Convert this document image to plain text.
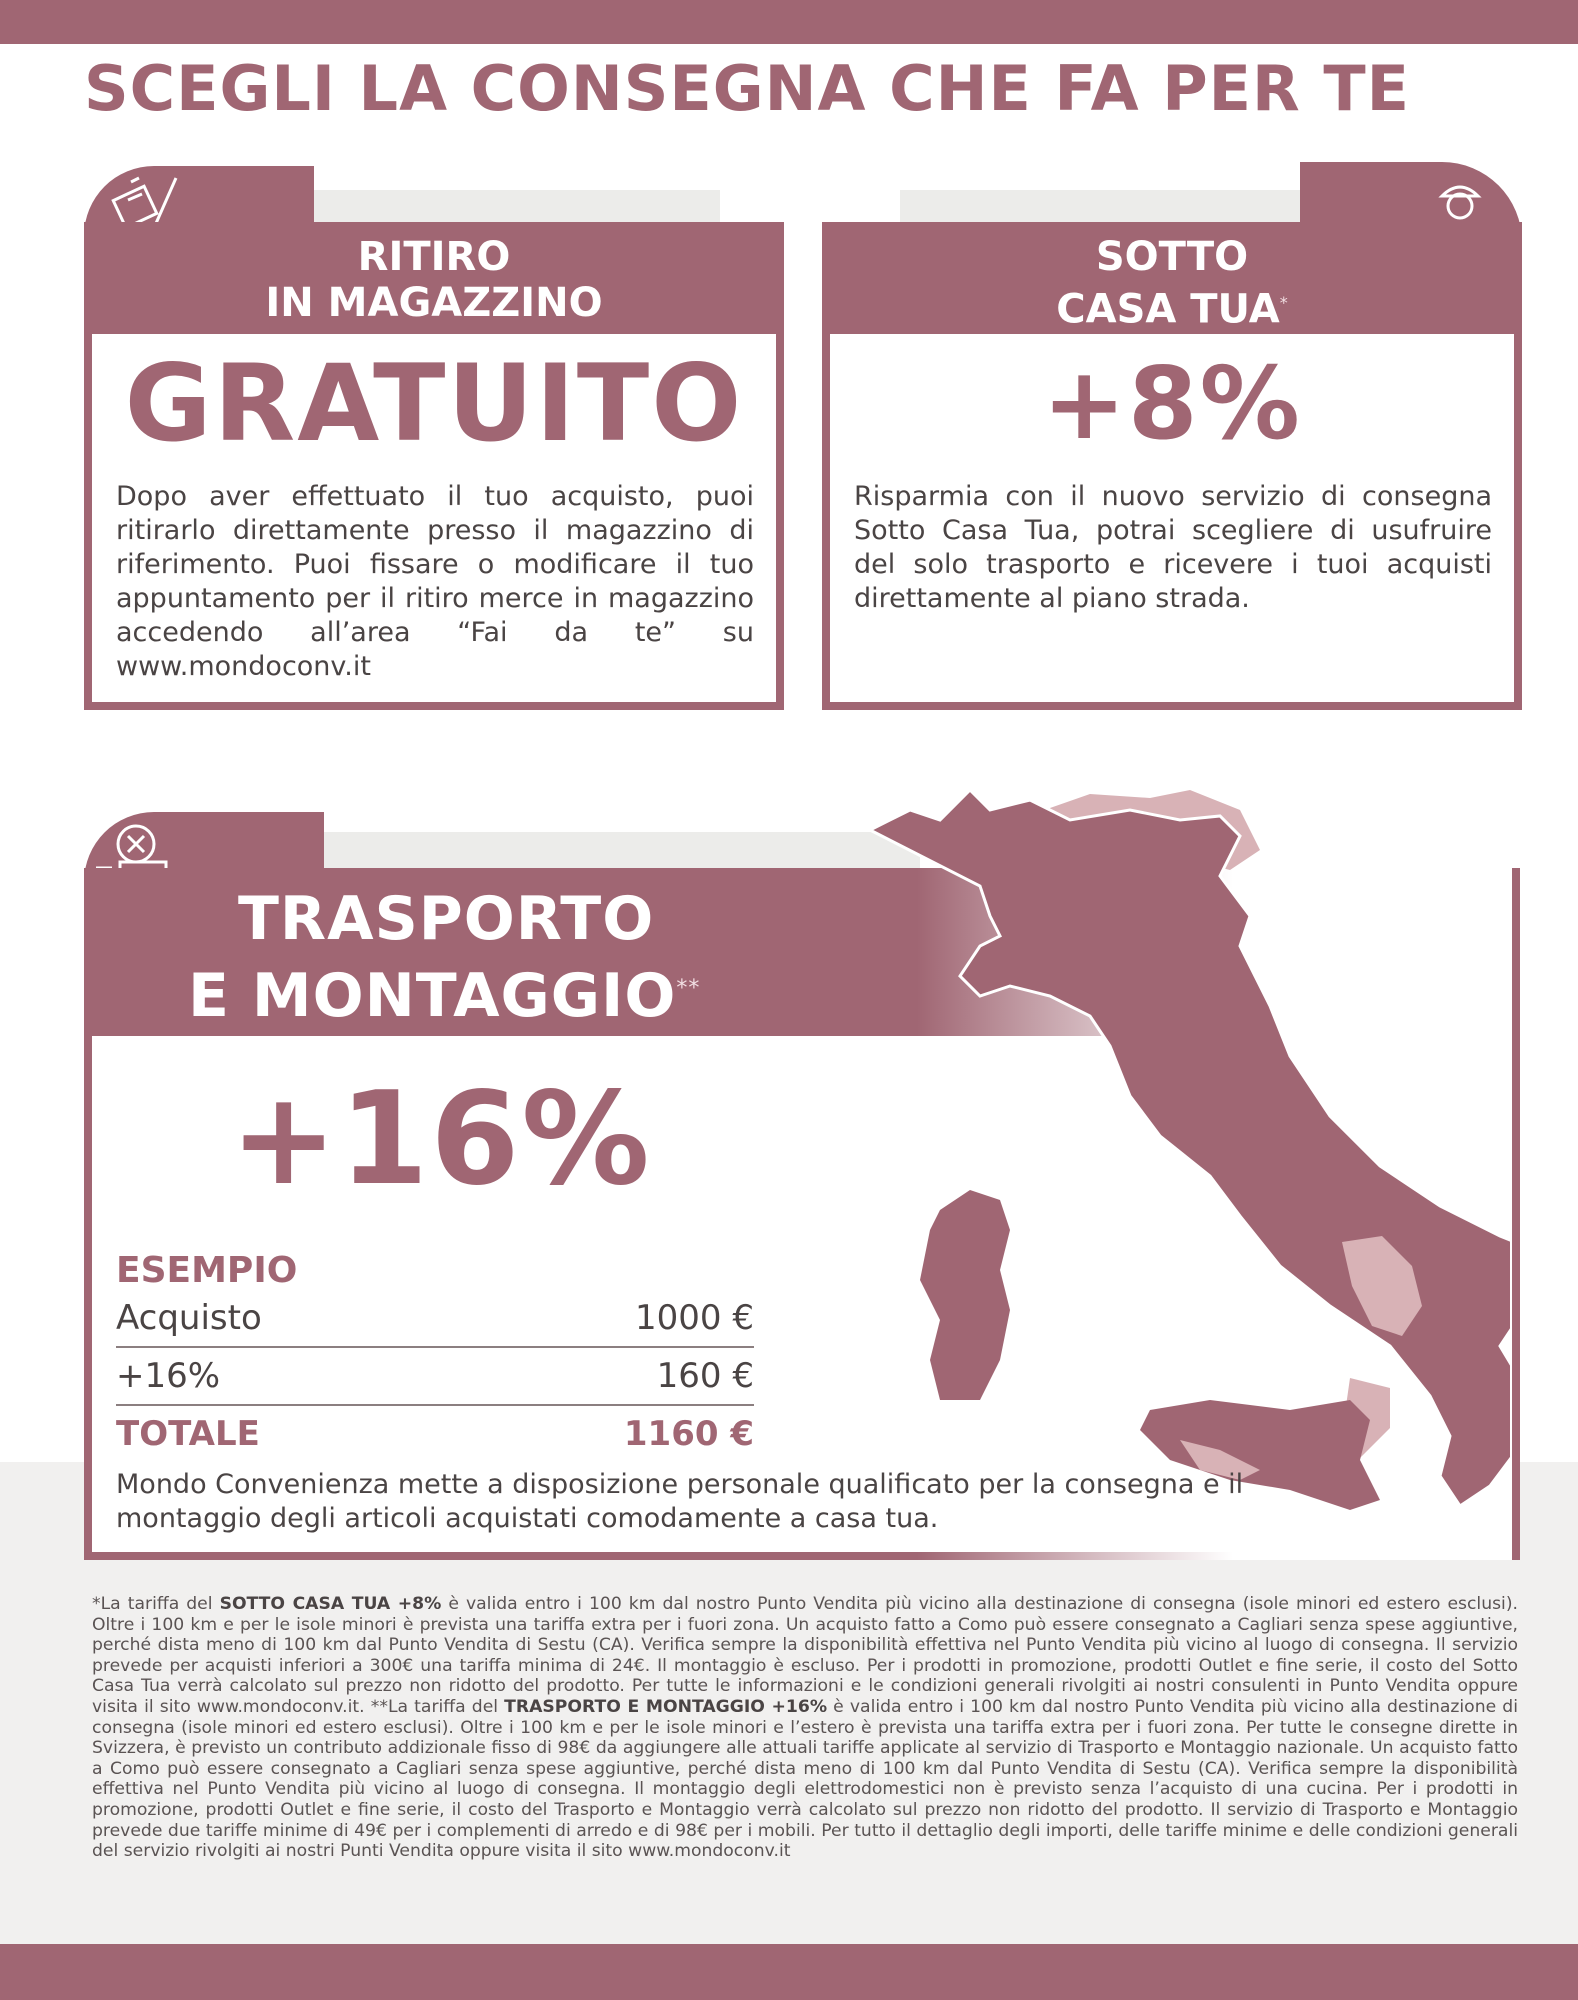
SCEGLI LA CONSEGNA CHE FA PER TE
RITIRO
IN MAGAZZINO
GRATUITO
Dopo aver effettuato il tuo acquisto, puoi ritirarlo direttamente presso il magazzino di riferimento. Puoi fissare o modificare il tuo appuntamento per il ritiro merce in magazzino accedendo all’area “Fai da te” su www.mondoconv.it
SOTTO
CASA TUA*
+8%
Risparmia con il nuovo servizio di consegna Sotto Casa Tua, potrai scegliere di usufruire del solo trasporto e ricevere i tuoi acquisti direttamente al piano strada.
TRASPORTO
E MONTAGGIO**
+16%
ESEMPIO
Acquisto	1000 €
+16%	160 €
TOTALE	1160 €
Mondo Convenienza mette a disposizione personale qualificato per la consegna e il montaggio degli articoli acquistati comodamente a casa tua.
*La tariffa del SOTTO CASA TUA +8% è valida entro i 100 km dal nostro Punto Vendita più vicino alla destinazione di consegna (isole minori ed estero esclusi). Oltre i 100 km e per le isole minori è prevista una tariffa extra per i fuori zona. Un acquisto fatto a Como può essere consegnato a Cagliari senza spese aggiuntive, perché dista meno di 100 km dal Punto Vendita di Sestu (CA). Verifica sempre la disponibilità effettiva nel Punto Vendita più vicino al luogo di consegna. Il servizio prevede per acquisti inferiori a 300€ una tariffa minima di 24€. Il montaggio è escluso. Per i prodotti in promozione, prodotti Outlet e fine serie, il costo del Sotto Casa Tua verrà calcolato sul prezzo non ridotto del prodotto. Per tutte le informazioni e le condizioni generali rivolgiti ai nostri consulenti in Punto Vendita oppure visita il sito www.mondoconv.it. **La tariffa del TRASPORTO E MONTAGGIO +16% è valida entro i 100 km dal nostro Punto Vendita più vicino alla destinazione di consegna (isole minori ed estero esclusi). Oltre i 100 km e per le isole minori e l’estero è prevista una tariffa extra per i fuori zona. Per tutte le consegne dirette in Svizzera, è previsto un contributo addizionale fisso di 98€ da aggiungere alle attuali tariffe applicate al servizio di Trasporto e Montaggio nazionale. Un acquisto fatto a Como può essere consegnato a Cagliari senza spese aggiuntive, perché dista meno di 100 km dal Punto Vendita di Sestu (CA). Verifica sempre la disponibilità effettiva nel Punto Vendita più vicino al luogo di consegna. Il montaggio degli elettrodomestici non è previsto senza l’acquisto di una cucina. Per i prodotti in promozione, prodotti Outlet e fine serie, il costo del Trasporto e Montaggio verrà calcolato sul prezzo non ridotto del prodotto. Il servizio di Trasporto e Montaggio prevede due tariffe minime di 49€ per i complementi di arredo e di 98€ per i mobili. Per tutto il dettaglio degli importi, delle tariffe minime e delle condizioni generali del servizio rivolgiti ai nostri Punti Vendita oppure visita il sito www.mondoconv.it
